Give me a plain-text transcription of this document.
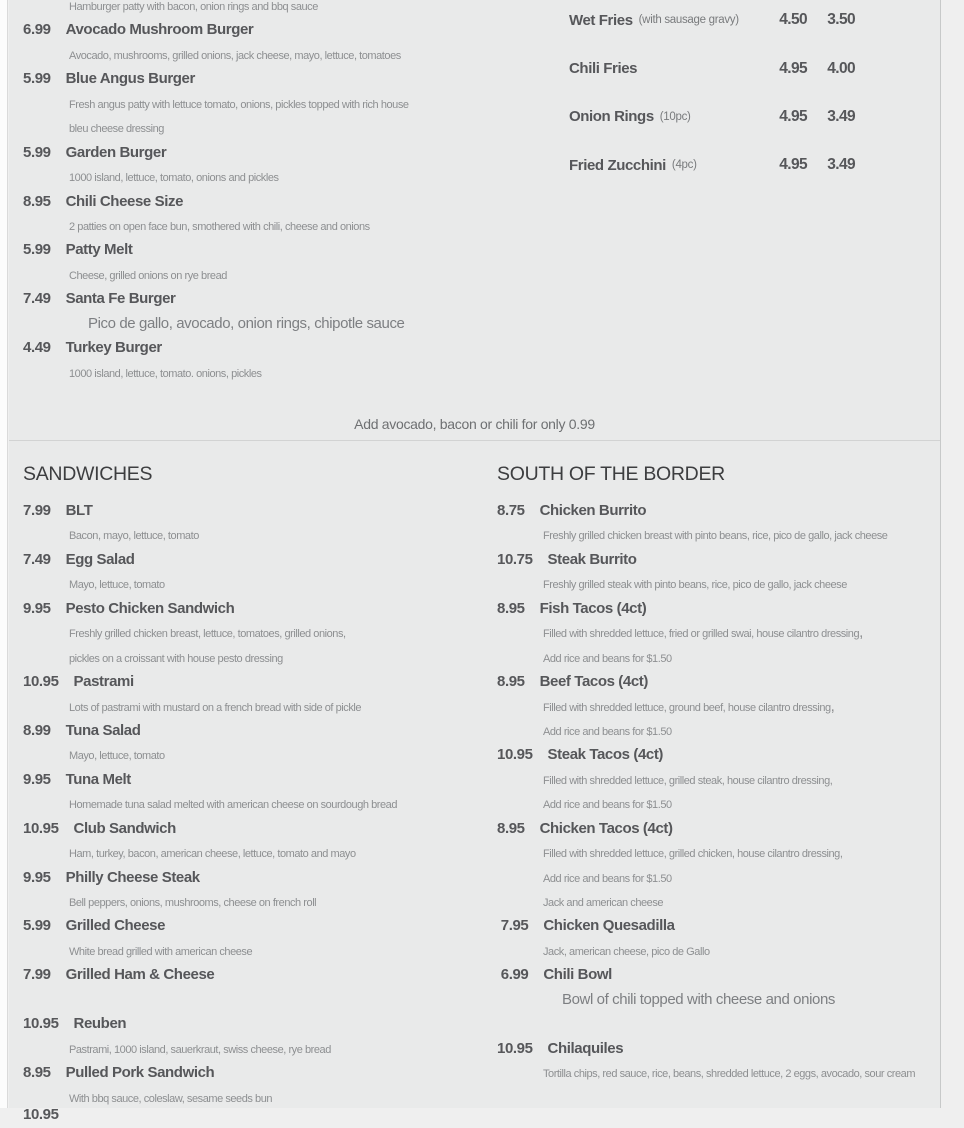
Hamburger patty with bacon, onion rings and bbq sauce
6.99 Avocado Mushroom Burger
Avocado, mushrooms, grilled onions, jack cheese, mayo, lettuce, tomatoes
5.99 Blue Angus Burger
Fresh angus patty with lettuce tomato, onions, pickles topped with rich house
bleu cheese dressing
5.99 Garden Burger
1000 island, lettuce, tomato, onions and pickles
8.95 Chili Cheese Size
2 patties on open face bun, smothered with chili, cheese and onions
5.99 Patty Melt
Cheese, grilled onions on rye bread
7.49 Santa Fe Burger
Pico de gallo, avocado, onion rings, chipotle sauce
4.49 Turkey Burger
1000 island, lettuce, tomato. onions, pickles
Wet Fries (with sausage gravy)	4.50	3.50
Chili Fries	4.95	4.00
Onion Rings (10pc)	4.95	3.49
Fried Zucchini (4pc)	4.95	3.49
Add avocado, bacon or chili for only 0.99
SANDWICHES
7.99 BLT
Bacon, mayo, lettuce, tomato
7.49 Egg Salad
Mayo, lettuce, tomato
9.95 Pesto Chicken Sandwich
Freshly grilled chicken breast, lettuce, tomatoes, grilled onions,
pickles on a croissant with house pesto dressing
10.95 Pastrami
Lots of pastrami with mustard on a french bread with side of pickle
8.99 Tuna Salad
Mayo, lettuce, tomato
9.95 Tuna Melt
Homemade tuna salad melted with american cheese on sourdough bread
10.95 Club Sandwich
Ham, turkey, bacon, american cheese, lettuce, tomato and mayo
9.95 Philly Cheese Steak
Bell peppers, onions, mushrooms, cheese on french roll
5.99 Grilled Cheese
White bread grilled with american cheese
7.99 Grilled Ham & Cheese
10.95 Reuben
Pastrami, 1000 island, sauerkraut, swiss cheese, rye bread
8.95 Pulled Pork Sandwich
With bbq sauce, coleslaw, sesame seeds bun
10.95
SOUTH OF THE BORDER
8.75 Chicken Burrito
Freshly grilled chicken breast with pinto beans, rice, pico de gallo, jack cheese
10.75 Steak Burrito
Freshly grilled steak with pinto beans, rice, pico de gallo, jack cheese
8.95 Fish Tacos (4ct)
Filled with shredded lettuce, fried or grilled swai, house cilantro dressing,
Add rice and beans for $1.50
8.95 Beef Tacos (4ct)
Filled with shredded lettuce, ground beef, house cilantro dressing,
Add rice and beans for $1.50
10.95 Steak Tacos (4ct)
Filled with shredded lettuce, grilled steak, house cilantro dressing,
Add rice and beans for $1.50
8.95 Chicken Tacos (4ct)
Filled with shredded lettuce, grilled chicken, house cilantro dressing,
Add rice and beans for $1.50
Jack and american cheese
7.95 Chicken Quesadilla
Jack, american cheese, pico de Gallo
6.99 Chili Bowl
Bowl of chili topped with cheese and onions
10.95 Chilaquiles
Tortilla chips, red sauce, rice, beans, shredded lettuce, 2 eggs, avocado, sour cream
